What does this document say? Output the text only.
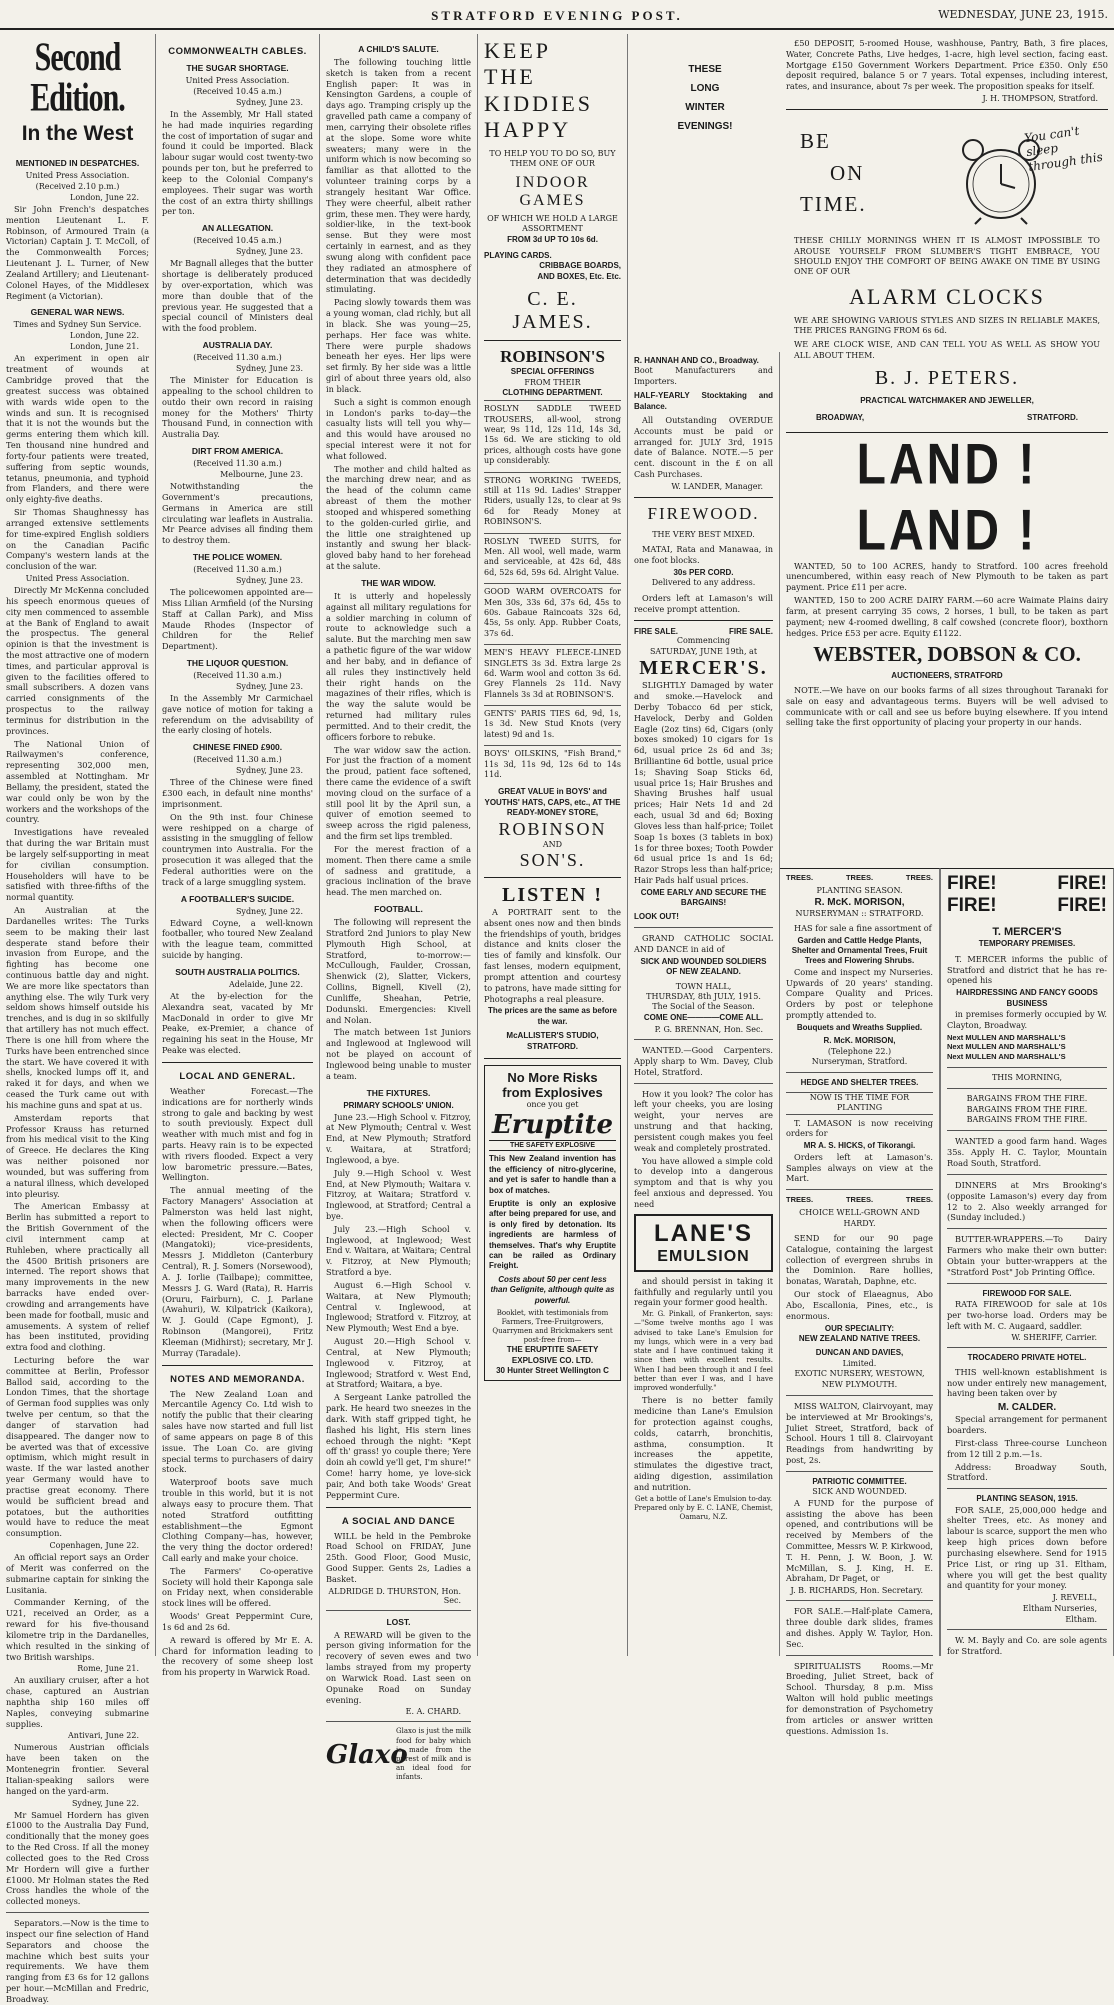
STRATFORD EVENING POST.	WEDNESDAY, JUNE 23, 1915.
Second Edition.
In the West
MENTIONED IN DESPATCHES.
United Press Association.
(Received 2.10 p.m.)
London, June 22.

Sir John French's despatches mention Lieutenant L. F. Robinson, of Armoured Train (a Victorian) Captain J. T. McColl, of the Commonwealth Forces; Lieutenant J. L. Turner, of New Zealand Artillery; and Lieutenant-Colonel Hayes, of the Middlesex Regiment (a Victorian).

GENERAL WAR NEWS.
Times and Sydney Sun Service.
London, June 22.
London, June 21.

An experiment in open air treatment of wounds at Cambridge proved that the greatest success was obtained with wards wide open to the winds and sun. It is recognised that it is not the wounds but the germs entering them which kill. Ten thousand nine hundred and forty-four patients were treated, suffering from septic wounds, tetanus, pneumonia, and typhoid from Flanders, and there were only eighty-five deaths.

Sir Thomas Shaughnessy has arranged extensive settlements for time-expired English soldiers on the Canadian Pacific Company's western lands at the conclusion of the war.

United Press Association.

Directly Mr McKenna concluded his speech enormous queues of city men commenced to assemble at the Bank of England to await the prospectus. The general opinion is that the investment is the most attractive one of modern times, and particular approval is given to the facilities offered to small subscribers. A dozen vans carried consignments of the prospectus to the railway terminus for distribution in the provinces.

The National Union of Railwaymen's conference, representing 302,000 men, assembled at Nottingham. Mr Bellamy, the president, stated the war could only be won by the workers and the workshops of the country.

Investigations have revealed that during the war Britain must be largely self-supporting in meat for civilian consumption. Householders will have to be satisfied with three-fifths of the normal quantity.

An Australian at the Dardanelles writes: The Turks seem to be making their last desperate stand before their invasion from Europe, and the fighting has become one continuous battle day and night. We are more like spectators than anything else. The wily Turk very seldom shows himself outside his trenches, and is dug in so skilfully that artillery has not much effect. There is one hill from where the Turks have been entrenched since the start. We have covered it with shells, knocked lumps off it, and raked it for days, and when we ceased the Turk came out with his machine guns and spat at us.

Amsterdam reports that Professor Krauss has returned from his medical visit to the King of Greece. He declares the King was neither poisoned nor wounded, but was suffering from a natural illness, which developed into pleurisy.

The American Embassy at Berlin has submitted a report to the British Government of the civil internment camp at Ruhleben, where practically all the 4500 British prisoners are interned. The report shows that many improvements in the new barracks have ended over-crowding and arrangements have been made for football, music and amusements. A system of relief has been instituted, providing extra food and clothing.

Lecturing before the war committee at Berlin, Professor Ballod said, according to the London Times, that the shortage of German food supplies was only twelve per centum, so that the danger of starvation had disappeared. The danger now to be averted was that of excessive optimism, which might result in waste. If the war lasted another year Germany would have to practise great economy. There would be sufficient bread and potatoes, but the authorities would have to reduce the meat consumption.

Copenhagen, June 22.

An official report says an Order of Merit was conferred on the submarine captain for sinking the Lusitania.

Commander Kerning, of the U21, received an Order, as a reward for his five-thousand kilometre trip in the Dardanelles, which resulted in the sinking of two British warships.

Rome, June 21.

An auxiliary cruiser, after a hot chase, captured an Austrian naphtha ship 160 miles off Naples, conveying submarine supplies.

Antivari, June 22.

Numerous Austrian officials have been taken on the Montenegrin frontier. Several Italian-speaking sailors were hanged on the yard-arm.

Sydney, June 22.

Mr Samuel Hordern has given £1000 to the Australia Day Fund, conditionally that the money goes to the Red Cross. If all the money collected goes to the Red Cross Mr Hordern will give a further £1000. Mr Holman states the Red Cross handles the whole of the collected moneys.

Separators.—Now is the time to inspect our fine selection of Hand Separators and choose the machine which best suits your requirements. We have them ranging from £3 6s for 12 gallons per hour.—McMillan and Fredric, Broadway.

COMMONWEALTH CABLES.
THE SUGAR SHORTAGE.
United Press Association.
(Received 10.45 a.m.)
Sydney, June 23.

In the Assembly, Mr Hall stated he had made inquiries regarding the cost of importation of sugar and found it could be imported. Black labour sugar would cost twenty-two pounds per ton, but he preferred to keep to the Colonial Company's employees. Their sugar was worth the cost of an extra thirty shillings per ton.

AN ALLEGATION.
(Received 10.45 a.m.)
Sydney, June 23.

Mr Bagnall alleges that the butter shortage is deliberately produced by over-exportation, which was more than double that of the previous year. He suggested that a special council of Ministers deal with the food problem.

AUSTRALIA DAY.
(Received 11.30 a.m.)
Sydney, June 23.

The Minister for Education is appealing to the school children to outdo their own record in raising money for the Mothers' Thirty Thousand Fund, in connection with Australia Day.

DIRT FROM AMERICA.
(Received 11.30 a.m.)
Melbourne, June 23.

Notwithstanding the Government's precautions, Germans in America are still circulating war leaflets in Australia. Mr Pearce advises all finding them to destroy them.

THE POLICE WOMEN.
(Received 11.30 a.m.)
Sydney, June 23.

The policewomen appointed are—Miss Lilian Armfield (of the Nursing Staff at Callan Park), and Miss Maude Rhodes (Inspector of Children for the Relief Department).

THE LIQUOR QUESTION.
(Received 11.30 a.m.)
Sydney, June 23.

In the Assembly Mr Carmichael gave notice of motion for taking a referendum on the advisability of the early closing of hotels.

CHINESE FINED £900.
(Received 11.30 a.m.)
Sydney, June 23.

Three of the Chinese were fined £300 each, in default nine months' imprisonment.

On the 9th inst. four Chinese were reshipped on a charge of assisting in the smuggling of fellow countrymen into Australia. For the prosecution it was alleged that the Federal authorities were on the track of a large smuggling system.

A FOOTBALLER'S SUICIDE.
Sydney, June 22.

Edward Coyne, a well-known footballer, who toured New Zealand with the league team, committed suicide by hanging.

SOUTH AUSTRALIA POLITICS.
Adelaide, June 22.

At the by-election for the Alexandra seat, vacated by Mr MacDonald in order to give Mr Peake, ex-Premier, a chance of regaining his seat in the House, Mr Peake was elected.

LOCAL AND GENERAL.

Weather Forecast.—The indications are for northerly winds strong to gale and backing by west to south previously. Expect dull weather with much mist and fog in parts. Heavy rain is to be expected with rivers flooded. Expect a very low barometric pressure.—Bates, Wellington.

The annual meeting of the Factory Managers' Association at Palmerston was held last night, when the following officers were elected: President, Mr C. Cooper (Mangatoki); vice-presidents, Messrs J. Middleton (Canterbury Central), R. J. Somers (Norsewood), A. J. Iorlie (Tailbape); committee, Messrs J. G. Ward (Rata), R. Harris (Oruru, Fairburn), C. J. Parlane (Awahuri), W. Kilpatrick (Kaikora), W. J. Gould (Cape Egmont), J. Robinson (Mangorei), Fritz Kleeman (Midhirst); secretary, Mr J. Murray (Taradale).

NOTES AND MEMORANDA.

The New Zealand Loan and Mercantile Agency Co. Ltd wish to notify the public that their clearing sales have now started and full list of same appears on page 8 of this issue. The Loan Co. are giving special terms to purchasers of dairy stock.

Waterproof boots save much trouble in this world, but it is not always easy to procure them. That noted Stratford outfitting establishment—the Egmont Clothing Company—has, however, the very thing the doctor ordered! Call early and make your choice.

The Farmers' Co-operative Society will hold their Kaponga sale on Friday next, when considerable stock lines will be offered.

Woods' Great Peppermint Cure, 1s 6d and 2s 6d.

A reward is offered by Mr E. A. Chard for information leading to the recovery of some sheep lost from his property in Warwick Road.

A CHILD'S SALUTE.

The following touching little sketch is taken from a recent English paper: It was in Kensington Gardens, a couple of days ago. Tramping crisply up the gravelled path came a company of men, carrying their obsolete rifles at the slope. Some wore white sweaters; many were in the uniform which is now becoming so familiar as that allotted to the volunteer training corps by a strangely hesitant War Office. They were cheerful, albeit rather grim, these men. They were hardy, soldier-like, in the text-book sense. But they were most certainly in earnest, and as they swung along with confident pace they radiated an atmosphere of determination that was decidedly stimulating.

Pacing slowly towards them was a young woman, clad richly, but all in black. She was young—25, perhaps. Her face was white. There were purple shadows beneath her eyes. Her lips were set firmly. By her side was a little girl of about three years old, also in black.

Such a sight is common enough in London's parks to-day—the casualty lists will tell you why—and this would have aroused no special interest were it not for what followed.

The mother and child halted as the marching drew near, and as the head of the column came abreast of them the mother stooped and whispered something to the golden-curled girlie, and the little one straightened up instantly and swung her black-gloved baby hand to her forehead at the salute.

THE WAR WIDOW.

It is utterly and hopelessly against all military regulations for a soldier marching in column of route to acknowledge such a salute. But the marching men saw a pathetic figure of the war widow and her baby, and in defiance of all rules they instinctively held their right hands on the magazines of their rifles, which is the way the salute would be returned had military rules permitted. And to their credit, the officers forbore to rebuke.

The war widow saw the action. For just the fraction of a moment the proud, patient face softened, there came the evidence of a swift moving cloud on the surface of a still pool lit by the April sun, a quiver of emotion seemed to sweep across the rigid paleness, and the firm set lips trembled.

For the merest fraction of a moment. Then there came a smile of sadness and gratitude, a gracious inclination of the brave head. The men marched on.

FOOTBALL.

The following will represent the Stratford 2nd Juniors to play New Plymouth High School, at Stratford, to-morrow:—McCullough, Faulder, Crossan, Shenwick (2), Slatter, Vickers, Collins, Bignell, Kivell (2), Cunliffe, Sheahan, Petrie, Dodunski. Emergencies: Kivell and Nolan.

The match between 1st Juniors and Inglewood at Inglewood will not be played on account of Inglewood being unable to muster a team.

THE FIXTURES.
PRIMARY SCHOOLS' UNION.

June 23.—High School v. Fitzroy, at New Plymouth; Central v. West End, at New Plymouth; Stratford v. Waitara, at Stratford; Inglewood, a bye.

July 9.—High School v. West End, at New Plymouth; Waitara v. Fitzroy, at Waitara; Stratford v. Inglewood, at Stratford; Central a bye.

July 23.—High School v. Inglewood, at Inglewood; West End v. Waitara, at Waitara; Central v. Fitzroy, at New Plymouth; Stratford a bye.

August 6.—High School v. Waitara, at New Plymouth; Central v. Inglewood, at Inglewood; Stratford v. Fitzroy, at New Plymouth; West End a bye.

August 20.—High School v. Central, at New Plymouth; Inglewood v. Fitzroy, at Inglewood; Stratford v. West End, at Stratford; Waitara, a bye.

A Sergeant Lanke patrolled the park. He heard two sneezes in the dark. With staff gripped tight, he flashed his light, His stern lines echoed through the night: "Kept off th' grass! yo couple there; Yere doin ah cowld ye'll get, I'm shure!" Come! harry home, ye love-sick pair, And both take Woods' Great Peppermint Cure.

A SOCIAL AND DANCE

WILL be held in the Pembroke Road School on FRIDAY, June 25th. Good Floor, Good Music, Good Supper. Gents 2s, Ladies a Basket.

ALDRIDGE D. THURSTON, Hon. Sec.
LOST.

A REWARD will be given to the person giving information for the recovery of seven ewes and two lambs strayed from my property on Warwick Road. Last seen on Opunake Road on Sunday evening.

E. A. CHARD.
Glaxo
Glaxo is just the milk food for baby which is made from the purest of milk and is an ideal food for infants.
KEEP
THE
KIDDIES
HAPPY
TO HELP YOU TO DO SO, BUY THEM ONE OF OUR
INDOOR GAMES
OF WHICH WE HOLD A LARGE ASSORTMENT
FROM 3d UP TO 10s 6d.
PLAYING CARDS.
CRIBBAGE BOARDS,
AND BOXES, Etc. Etc.
C. E. JAMES.
ROBINSON'S
SPECIAL OFFERINGS
FROM THEIR
CLOTHING DEPARTMENT.
ROSLYN SADDLE TWEED TROUSERS, all-wool, strong wear, 9s 11d, 12s 11d, 14s 3d, 15s 6d. We are sticking to old prices, although costs have gone up considerably.
STRONG WORKING TWEEDS, still at 11s 9d. Ladies' Strapper Riders, usually 12s, to clear at 9s 6d for Ready Money at ROBINSON'S.
ROSLYN TWEED SUITS, for Men. All wool, well made, warm and serviceable, at 42s 6d, 48s 6d, 52s 6d, 59s 6d. Alright Value.
GOOD WARM OVERCOATS for Men 30s, 33s 6d, 37s 6d, 45s to 60s. Gabaue Raincoats 32s 6d, 45s, 5s only. App. Rubber Coats, 37s 6d.
MEN'S HEAVY FLEECE-LINED SINGLETS 3s 3d. Extra large 2s 6d. Warm wool and cotton 3s 6d. Grey Flannels 2s 11d. Navy Flannels 3s 3d at ROBINSON'S.
GENTS' PARIS TIES 6d, 9d, 1s, 1s 3d. New Stud Knots (very latest) 9d and 1s.
BOYS' OILSKINS, "Fish Brand," 11s 3d, 11s 9d, 12s 6d to 14s 11d.
GREAT VALUE in BOYS' and YOUTHS' HATS, CAPS, etc., AT THE
READY-MONEY STORE,
ROBINSON
AND
SON'S.
LISTEN !

A PORTRAIT sent to the absent ones now and then binds the friendships of youth, bridges distance and knits closer the ties of family and kinsfolk. Our fast lenses, modern equipment, prompt attention and courtesy to patrons, have made sitting for Photographs a real pleasure.

The prices are the same as before the war.
McALLISTER'S STUDIO,
STRATFORD.
No More Risks
from Explosives
once you get
Eruptite
THE SAFETY EXPLOSIVE
This New Zealand invention has the efficiency of nitro-glycerine, and yet is safer to handle than a box of matches.
Eruptite is only an explosive after being prepared for use, and is only fired by detonation. Its ingredients are harmless of themselves. That's why Eruptite can be railed as Ordinary Freight.
Costs about 50 per cent less than Gelignite, although quite as powerful.
Booklet, with testimonials from Farmers, Tree-Fruitgrowers, Quarrymen and Brickmakers sent post-free from—
THE ERUPTITE SAFETY EXPLOSIVE CO. LTD.
30 Hunter Street Wellington C
THESE
LONG
WINTER
EVENINGS!
R. HANNAH AND CO., Broadway.
Boot Manufacturers and Importers.
HALF-YEARLY Stocktaking and Balance.

All Outstanding OVERDUE Accounts must be paid or arranged for. JULY 3rd, 1915 date of Balance. NOTE.—5 per cent. discount in the £ on all Cash Purchases.

W. LANDER, Manager.
FIREWOOD.
THE VERY BEST MIXED.

MATAI, Rata and Manawaa, in one foot blocks.

30s PER CORD.
Delivered to any address.

Orders left at Lamason's will receive prompt attention.

FIRE SALE.	FIRE SALE.
Commencing
SATURDAY, JUNE 19th, at
MERCER'S.

SLIGHTLY Damaged by water and smoke.—Havelock and Derby Tobacco 6d per stick, Havelock, Derby and Golden Eagle (2oz tins) 6d, Cigars (only boxes smoked) 10 cigars for 1s 6d, usual price 2s 6d and 3s; Brilliantine 6d bottle, usual price 1s; Shaving Soap Sticks 6d, usual price 1s; Hair Brushes and Shaving Brushes half usual prices; Hair Nets 1d and 2d each, usual 3d and 6d; Boxing Gloves less than half-price; Toilet Soap 1s boxes (3 tablets in box) 1s for three boxes; Tooth Powder 6d usual price 1s and 1s 6d; Razor Strops less than half-price; Hair Pads half usual prices.

COME EARLY AND SECURE THE BARGAINS!
LOOK OUT!

GRAND CATHOLIC SOCIAL AND DANCE in aid of

SICK AND WOUNDED SOLDIERS OF NEW ZEALAND.
TOWN HALL,
THURSDAY, 8th JULY, 1915.
The Social of the Season.
COME ONE————COME ALL.
P. G. BRENNAN, Hon. Sec.

WANTED.—Good Carpenters. Apply sharp to Wm. Davey, Club Hotel, Stratford.

How it you look? The color has left your cheeks, you are losing weight, your nerves are unstrung and that hacking, persistent cough makes you feel weak and completely prostrated.

You have allowed a simple cold to develop into a dangerous symptom and that is why you feel anxious and depressed. You need

LANE'S
EMULSION

and should persist in taking it faithfully and regularly until you regain your former good health.

Mr. G. Pinkall, of Frankerton, says:—"Some twelve months ago I was advised to take Lane's Emulsion for my lungs, which were in a very bad state and I have continued taking it since then with excellent results. When I had been through it and I feel better than ever I was, and I have improved wonderfully."

There is no better family medicine than Lane's Emulsion for protection against coughs, colds, catarrh, bronchitis, asthma, consumption. It increases the appetite, stimulates the digestive tract, aiding digestion, assimilation and nutrition.

Get a bottle of Lane's Emulsion to-day.
Prepared only by E. C. LANE, Chemist, Oamaru, N.Z.

£50 DEPOSIT, 5-roomed House, washhouse, Pantry, Bath, 3 fire places, Water, Concrete Paths, Live hedges, 1-acre, high level section, facing east. Mortgage £150 Government Workers Department. Price £350. Only £50 deposit required, balance 5 or 7 years. Total expenses, including interest, rates, and insurance, about 7s per week. The proposition speaks for itself.

J. H. THOMPSON, Stratford.
BE
ON
TIME.
You can't sleep through this
THESE CHILLY MORNINGS WHEN IT IS ALMOST IMPOSSIBLE TO AROUSE YOURSELF FROM SLUMBER'S TIGHT EMBRACE, YOU SHOULD ENJOY THE COMFORT OF BEING AWAKE ON TIME BY USING ONE OF OUR
ALARM CLOCKS
WE ARE SHOWING VARIOUS STYLES AND SIZES IN RELIABLE MAKES, THE PRICES RANGING FROM 6s 6d.
WE ARE CLOCK WISE, AND CAN TELL YOU AS WELL AS SHOW YOU ALL ABOUT THEM.
B. J. PETERS.
PRACTICAL WATCHMAKER AND JEWELLER,
BROADWAY,	STRATFORD.
LAND ! LAND !

WANTED, 50 to 100 ACRES, handy to Stratford. 100 acres freehold unencumbered, within easy reach of New Plymouth to be taken as part payment. Price £11 per acre.

WANTED, 150 to 200 ACRE DAIRY FARM.—60 acre Waimate Plains dairy farm, at present carrying 35 cows, 2 horses, 1 bull, to be taken as part payment; new 4-roomed dwelling, 8 calf cowshed (concrete floor), boxthorn hedges. Price £53 per acre. Equity £1122.

WEBSTER, DOBSON & CO.
AUCTIONEERS, STRATFORD

NOTE.—We have on our books farms of all sizes throughout Taranaki for sale on easy and advantageous terms. Buyers will be well advised to communicate with or call and see us before buying elsewhere. If you intend selling take the first opportunity of placing your property in our hands.

TREES.	TREES.	TREES.
PLANTING SEASON.
R. McK. MORISON,
NURSERYMAN :: STRATFORD.

HAS for sale a fine assortment of

Garden and Cattle Hedge Plants, Shelter and Ornamental Trees, Fruit Trees and Flowering Shrubs.

Come and inspect my Nurseries. Upwards of 20 years' standing. Compare Quality and Prices. Orders by post or telephone promptly attended to.

Bouquets and Wreaths Supplied.
R. McK. MORISON,
(Telephone 22.)
Nurseryman, Stratford.
HEDGE AND SHELTER TREES.
NOW IS THE TIME FOR PLANTING

T. LAMASON is now receiving orders for

MR A. S. HICKS, of Tikorangi.

Orders left at Lamason's. Samples always on view at the Mart.

TREES.	TREES.	TREES.
CHOICE WELL-GROWN AND HARDY.

SEND for our 90 page Catalogue, containing the largest collection of evergreen shrubs in the Dominion. Rare hollies, bonatas, Waratah, Daphne, etc.

Our stock of Elaeagnus, Abo Abo, Escallonia, Pines, etc., is enormous.

OUR SPECIALITY:
NEW ZEALAND NATIVE TREES.
DUNCAN AND DAVIES,
Limited.
EXOTIC NURSERY, WESTOWN, NEW PLYMOUTH.

MISS WALTON, Clairvoyant, may be interviewed at Mr Brookings's, Juliet Street, Stratford, back of School. Hours 1 till 8. Clairvoyant Readings from handwriting by post, 2s.

PATRIOTIC COMMITTEE.
SICK AND WOUNDED.

A FUND for the purpose of assisting the above has been opened, and contributions will be received by Members of the Committee, Messrs W. P. Kirkwood, T. H. Penn, J. W. Boon, J. W. McMillan, S. J. King, H. E. Abraham, Dr Paget, or

J. B. RICHARDS, Hon. Secretary.

FOR SALE.—Half-plate Camera, three double dark slides, frames and dishes. Apply W. Taylor, Hon. Sec.

SPIRITUALISTS Rooms.—Mr Broeding, Juliet Street, back of School. Thursday, 8 p.m. Miss Walton will hold public meetings for demonstration of Psychometry from articles or answer written questions. Admission 1s.

FIRE!	FIRE!
FIRE!	FIRE!
T. MERCER'S
TEMPORARY PREMISES.

T. MERCER informs the public of Stratford and district that he has re-opened his

HAIRDRESSING AND FANCY GOODS BUSINESS

in premises formerly occupied by W. Clayton, Broadway.

Next MULLEN AND MARSHALL'S
Next MULLEN AND MARSHALL'S
Next MULLEN AND MARSHALL'S
THIS MORNING,
BARGAINS FROM THE FIRE.
BARGAINS FROM THE FIRE.
BARGAINS FROM THE FIRE.

WANTED a good farm hand. Wages 35s. Apply H. C. Taylor, Mountain Road South, Stratford.

DINNERS at Mrs Brooking's (opposite Lamason's) every day from 12 to 2. Also weekly arranged for (Sunday included.)

BUTTER-WRAPPERS.—To Dairy Farmers who make their own butter: Obtain your butter-wrappers at the "Stratford Post" Job Printing Office.

FIREWOOD FOR SALE.

RATA FIREWOOD for sale at 10s per two-horse load. Orders may be left with M. C. Augaard, saddler.

W. SHERIFF, Carrier.
TROCADERO PRIVATE HOTEL.

THIS well-known establishment is now under entirely new management, having been taken over by

M. CALDER.

Special arrangement for permanent boarders.

First-class Three-course Luncheon from 12 till 2 p.m.—1s.

Address: Broadway South, Stratford.

PLANTING SEASON, 1915.

FOR SALE, 25,000,000 hedge and shelter Trees, etc. As money and labour is scarce, support the men who keep high prices down before purchasing elsewhere. Send for 1915 Price List, or ring up 31. Eltham, where you will get the best quality and quantity for your money.

J. REVELL,
Eltham Nurseries,
Eltham.

W. M. Bayly and Co. are sole agents for Stratford.
